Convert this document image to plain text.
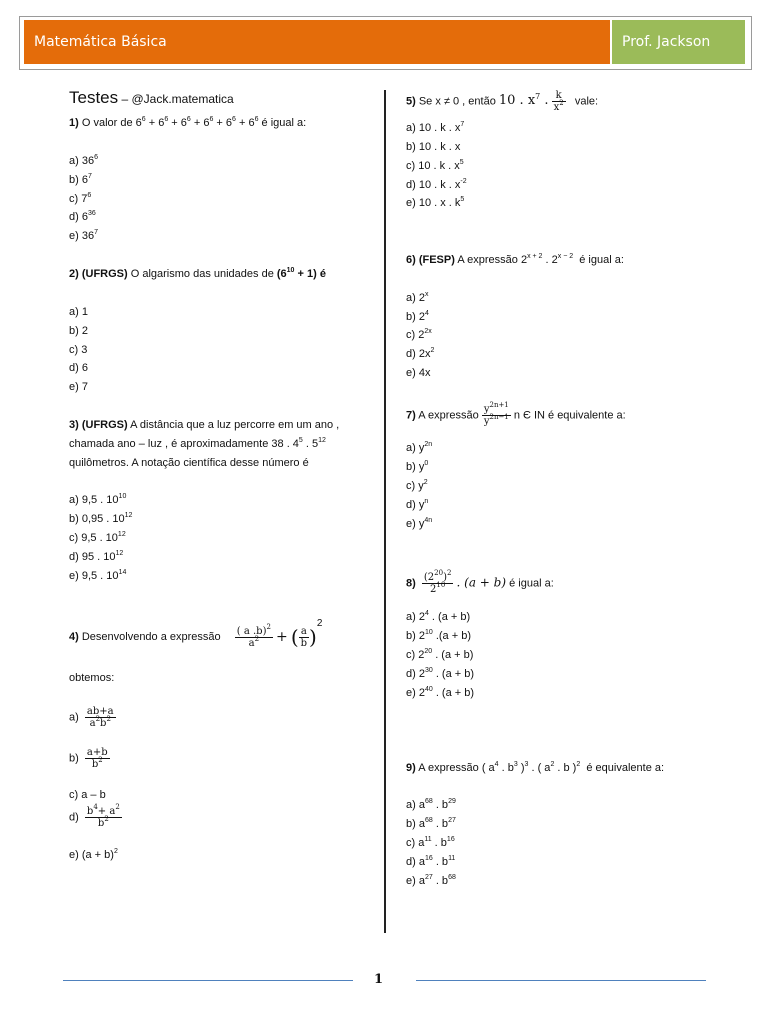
Matemática Básica	Prof. Jackson
Testes – @Jack.matematica
1) O valor de $6^6 + 6^6 + 6^6 + 6^6 + 6^6 + 6^6$ é igual a:
a) $36^6$
b) $6^7$
c) $7^6$
d) $6^{36}$
e) $36^7$
2) (UFRGS) O algarismo das unidades de $(6^{10} + 1)$ é
a) 1
b) 2
c) 3
d) 6
e) 7
3) (UFRGS) A distância que a luz percorre em um ano ,
chamada ano – luz , é aproximadamente 38 . $4^5$ . $5^{12}$
quilômetros. A notação científica desse número é
a) 9,5 . $10^{10}$
b) 0,95 . $10^{12}$
c) 9,5 . $10^{12}$
d) 95 . $10^{12}$
e) 9,5 . $10^{14}$
4) Desenvolvendo a expressão $\frac{( a .b)^2}{a^2}$ + ( $\frac{a}{b} )^2$
obtemos:
$a) \frac{ab+a}{a^2b^2}$
$b) \frac{a+b}{b^2}$
c) a – b
$d) \frac{b^4+ a^2}{b^2}$
e) $(a + b)^2$
5) Se x ≠ 0 , então 10 . $x^7$ . $\frac{k}{x^2}$ vale:
a) 10 . k . $x^7$
b) 10 . k . x
c) 10 . k . $x^5$
d) 10 . k . $x^{-2}$
e) 10 . x . $k^5$
6) (FESP) A expressão $2^{x + 2}$ . $2^{x - 2}$  é igual a:
a) 2$^x$
b) $2^4$
c) $2^{2x}$
d) $2x^2$
e) 4x
7) A expressão $\frac{y^{2n+1}}{y^{2n-1}}$ n Є IN é equivalente a:
a) $y^{2n}$
b) $y^0$
c) $y^2$
d) $y^n$
e) $y^{4n}$
$8) \frac{(2^{20})^2}{2^{10}}$ . (a + b) é igual a:
a) $2^4$ . (a + b)
b) $2^{10}$ .(a + b)
c) $2^{20}$ . (a + b)
d) $2^{30}$ . (a + b)
e) $2^{40}$ . (a + b)
9) A expressão ( $a^4$ . $b^3$ )$^3$ . ( $a^2$ . b )$^2$  é equivalente a:
a) $a^{68}$ . $b^{29}$
b) $a^{68}$ . $b^{27}$
c) $a^{11}$ . $b^{16}$
d) $a^{16}$ . $b^{11}$
e) $a^{27}$ . $b^{68}$
1
